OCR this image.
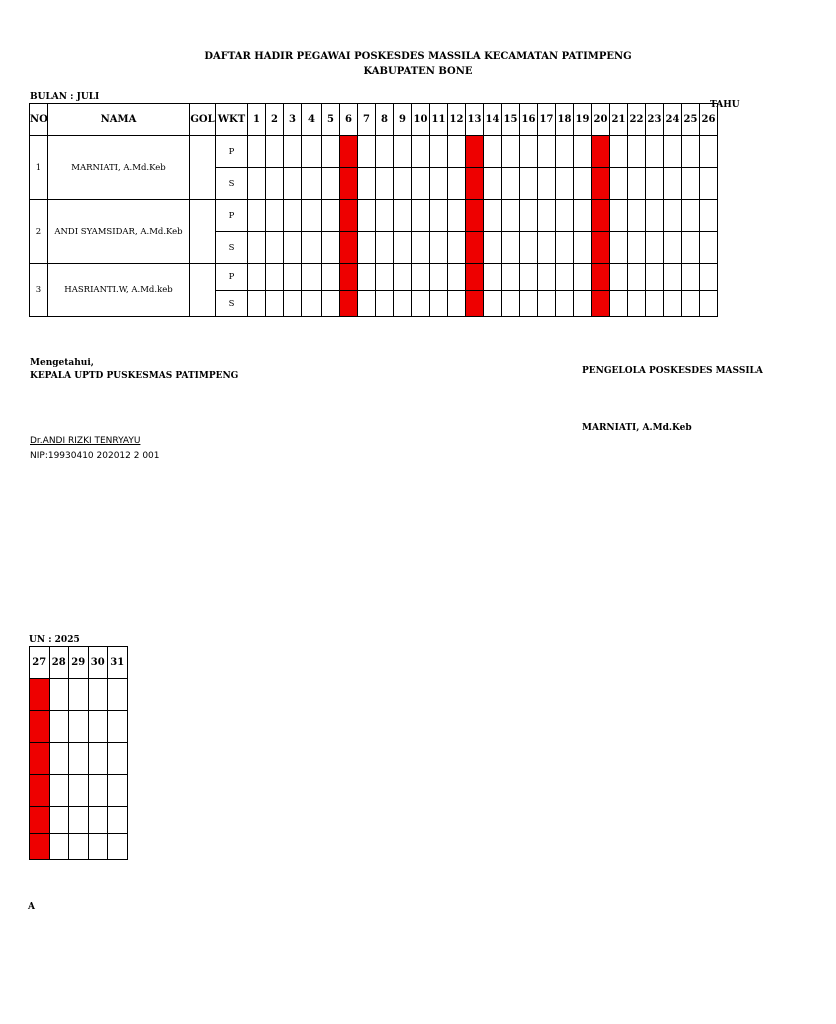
DAFTAR HADIR PEGAWAI POSKESDES MASSILA KECAMATAN PATIMPENG
KABUPATEN BONE
BULAN : JULI
TAHU
NO	NAMA	GOL	WKT	1	2	3	4	5	6	7	8	9	10	11	12	13	14	15	16	17	18	19	20	21	22	23	24	25	26
1	MARNIATI, A.Md.Keb		P																										
			S																										
2	ANDI SYAMSIDAR, A.Md.Keb		P																										
			S																										
3	HASRIANTI.W, A.Md.keb		P																										
			S																										
UN : 2025
27	28	29	30	31

Mengetahui,
KEPALA UPTD PUSKESMAS PATIMPENG
Dr.ANDI RIZKI TENRYAYU
NIP:19930410 202012 2 001
PENGELOLA POSKESDES MASSILA
MARNIATI, A.Md.Keb
A
